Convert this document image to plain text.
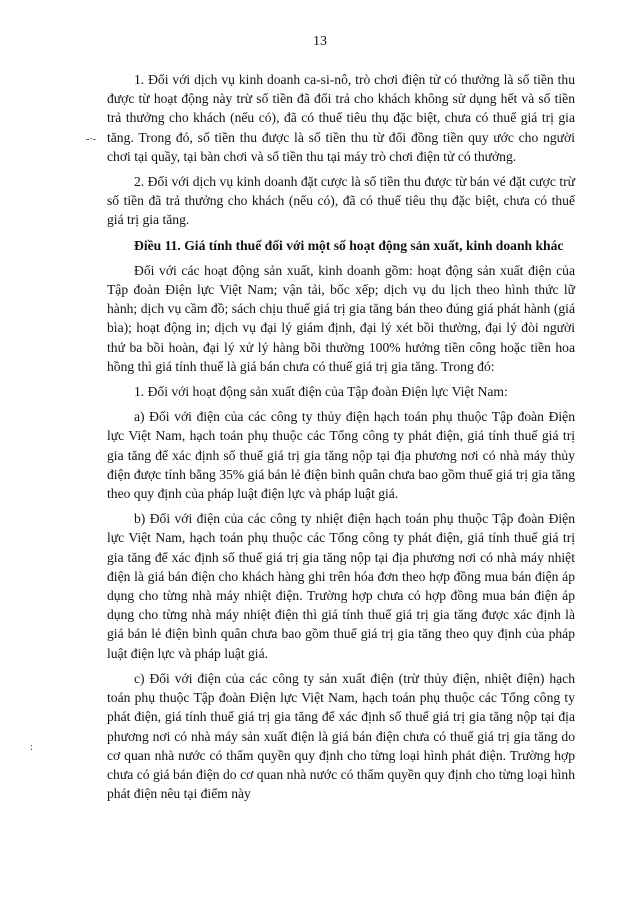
13
-·-
:

1. Đối với dịch vụ kinh doanh ca-si-nô, trò chơi điện tử có thưởng là số tiền thu được từ hoạt động này trừ số tiền đã đổi trả cho khách không sử dụng hết và số tiền trả thưởng cho khách (nếu có), đã có thuế tiêu thụ đặc biệt, chưa có thuế giá trị gia tăng. Trong đó, số tiền thu được là số tiền thu từ đổi đồng tiền quy ước cho người chơi tại quầy, tại bàn chơi và số tiền thu tại máy trò chơi điện tử có thưởng.

2. Đối với dịch vụ kinh doanh đặt cược là số tiền thu được từ bán vé đặt cược trừ số tiền đã trả thưởng cho khách (nếu có), đã có thuế tiêu thụ đặc biệt, chưa có thuế giá trị gia tăng.

Điều 11. Giá tính thuế đối với một số hoạt động sản xuất, kinh doanh khác

Đối với các hoạt động sản xuất, kinh doanh gồm: hoạt động sản xuất điện của Tập đoàn Điện lực Việt Nam; vận tải, bốc xếp; dịch vụ du lịch theo hình thức lữ hành; dịch vụ cầm đồ; sách chịu thuế giá trị gia tăng bán theo đúng giá phát hành (giá bìa); hoạt động in; dịch vụ đại lý giám định, đại lý xét bồi thường, đại lý đòi người thứ ba bồi hoàn, đại lý xử lý hàng bồi thường 100% hưởng tiền công hoặc tiền hoa hồng thì giá tính thuế là giá bán chưa có thuế giá trị gia tăng. Trong đó:

1. Đối với hoạt động sản xuất điện của Tập đoàn Điện lực Việt Nam:

a) Đối với điện của các công ty thủy điện hạch toán phụ thuộc Tập đoàn Điện lực Việt Nam, hạch toán phụ thuộc các Tổng công ty phát điện, giá tính thuế giá trị gia tăng để xác định số thuế giá trị gia tăng nộp tại địa phương nơi có nhà máy thủy điện được tính bằng 35% giá bán lẻ điện bình quân chưa bao gồm thuế giá trị gia tăng theo quy định của pháp luật điện lực và pháp luật giá.

b) Đối với điện của các công ty nhiệt điện hạch toán phụ thuộc Tập đoàn Điện lực Việt Nam, hạch toán phụ thuộc các Tổng công ty phát điện, giá tính thuế giá trị gia tăng để xác định số thuế giá trị gia tăng nộp tại địa phương nơi có nhà máy nhiệt điện là giá bán điện cho khách hàng ghi trên hóa đơn theo hợp đồng mua bán điện áp dụng cho từng nhà máy nhiệt điện. Trường hợp chưa có hợp đồng mua bán điện áp dụng cho từng nhà máy nhiệt điện thì giá tính thuế giá trị gia tăng được xác định là giá bán lẻ điện bình quân chưa bao gồm thuế giá trị gia tăng theo quy định của pháp luật điện lực và pháp luật giá.

c) Đối với điện của các công ty sản xuất điện (trừ thủy điện, nhiệt điện) hạch toán phụ thuộc Tập đoàn Điện lực Việt Nam, hạch toán phụ thuộc các Tổng công ty phát điện, giá tính thuế giá trị gia tăng để xác định số thuế giá trị gia tăng nộp tại địa phương nơi có nhà máy sản xuất điện là giá bán điện chưa có thuế giá trị gia tăng do cơ quan nhà nước có thẩm quyền quy định cho từng loại hình phát điện. Trường hợp chưa có giá bán điện do cơ quan nhà nước có thẩm quyền quy định cho từng loại hình phát điện nêu tại điểm này
